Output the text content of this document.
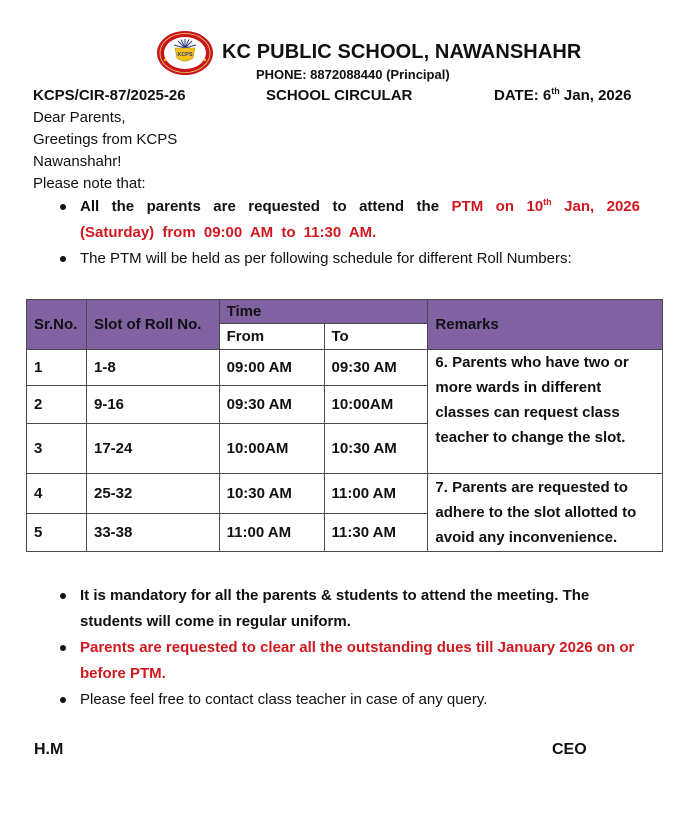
KCPS KC PUBLIC SCHOOL, NAWANSHAHR
PHONE: 8872088440 (Principal)
KCPS/CIR-87/2025-26	SCHOOL CIRCULAR	DATE: 6th Jan, 2026
Dear Parents,
Greetings from KCPS
Nawanshahr!
Please note that:
All the parents are requested to attend the PTM on 10th Jan, 2026 (Saturday) from 09:00 AM to 11:30 AM.
The PTM will be held as per following schedule for different Roll Numbers:
Sr.No.	Slot of Roll No.	Time		Remarks
		From	To	
1	1-8	09:00 AM	09:30 AM	6. Parents who have two or more wards in different classes can request class teacher to change the slot.
2	9-16	09:30 AM	10:00AM	
3	17-24	10:00AM	10:30 AM	
4	25-32	10:30 AM	11:00 AM	7. Parents are requested to adhere to the slot allotted to avoid any inconvenience.
5	33-38	11:00 AM	11:30 AM	
It is mandatory for all the parents & students to attend the meeting. The students will come in regular uniform.
Parents are requested to clear all the outstanding dues till January 2026 on or before PTM.
Please feel free to contact class teacher in case of any query.
H.M	CEO
